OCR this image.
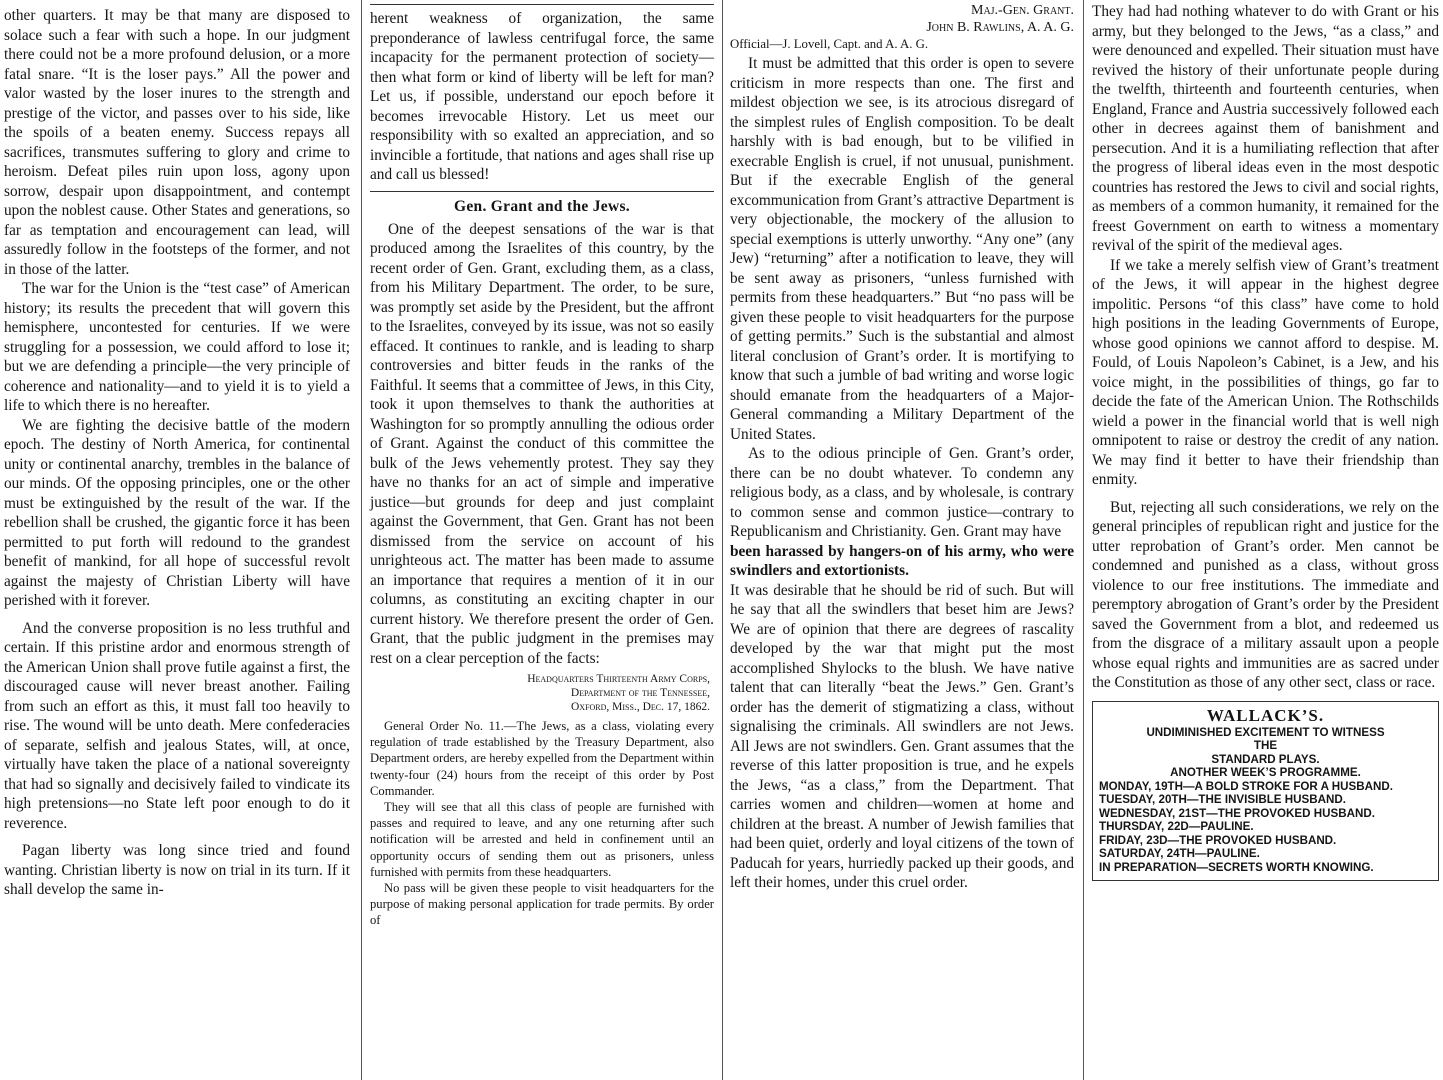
other quarters. It may be that many are disposed to solace such a fear with such a hope. In our judgment there could not be a more profound delusion, or a more fatal snare. “It is the loser pays.” All the power and valor wasted by the loser inures to the strength and prestige of the victor, and passes over to his side, like the spoils of a beaten enemy. Success repays all sacrifices, transmutes suffering to glory and crime to heroism. Defeat piles ruin upon loss, agony upon sorrow, despair upon disappointment, and contempt upon the noblest cause. Other States and generations, so far as temptation and encouragement can lead, will assuredly follow in the footsteps of the former, and not in those of the latter.

The war for the Union is the “test case” of American history; its results the precedent that will govern this hemisphere, uncontested for centuries. If we were struggling for a possession, we could afford to lose it; but we are defending a principle—the very principle of coherence and nationality—and to yield it is to yield a life to which there is no hereafter.

We are fighting the decisive battle of the modern epoch. The destiny of North America, for continental unity or continental anarchy, trembles in the balance of our minds. Of the opposing principles, one or the other must be extinguished by the result of the war. If the rebellion shall be crushed, the gigantic force it has been permitted to put forth will redound to the grandest benefit of mankind, for all hope of successful revolt against the majesty of Christian Liberty will have perished with it forever.

And the converse proposition is no less truthful and certain. If this pristine ardor and enormous strength of the American Union shall prove futile against a first, the discouraged cause will never breast another. Failing from such an effort as this, it must fall too heavily to rise. The wound will be unto death. Mere confederacies of separate, selfish and jealous States, will, at once, virtually have taken the place of a national sovereignty that had so signally and decisively failed to vindicate its high pretensions—no State left poor enough to do it reverence.

Pagan liberty was long since tried and found wanting. Christian liberty is now on trial in its turn. If it shall develop the same in-

herent weakness of organization, the same preponderance of lawless centrifugal force, the same incapacity for the permanent protection of society—then what form or kind of liberty will be left for man? Let us, if possible, understand our epoch before it becomes irrevocable History. Let us meet our responsibility with so exalted an appreciation, and so invincible a fortitude, that nations and ages shall rise up and call us blessed!

Gen. Grant and the Jews.

One of the deepest sensations of the war is that produced among the Israelites of this country, by the recent order of Gen. Grant, excluding them, as a class, from his Military Department. The order, to be sure, was promptly set aside by the President, but the affront to the Israelites, conveyed by its issue, was not so easily effaced. It continues to rankle, and is leading to sharp controversies and bitter feuds in the ranks of the Faithful. It seems that a committee of Jews, in this City, took it upon themselves to thank the authorities at Washington for so promptly annulling the odious order of Grant. Against the conduct of this committee the bulk of the Jews vehemently protest. They say they have no thanks for an act of simple and imperative justice—but grounds for deep and just complaint against the Government, that Gen. Grant has not been dismissed from the service on account of his unrighteous act. The matter has been made to assume an importance that requires a mention of it in our columns, as constituting an exciting chapter in our current history. We therefore present the order of Gen. Grant, that the public judgment in the premises may rest on a clear perception of the facts:

Headquarters Thirteenth Army Corps,
Department of the Tennessee,
Oxford, Miss., Dec. 17, 1862.

General Order No. 11.—The Jews, as a class, violating every regulation of trade established by the Treasury Department, also Department orders, are hereby expelled from the Department within twenty-four (24) hours from the receipt of this order by Post Commander.

They will see that all this class of people are furnished with passes and required to leave, and any one returning after such notification will be arrested and held in confinement until an opportunity occurs of sending them out as prisoners, unless furnished with permits from these headquarters.

No pass will be given these people to visit headquarters for the purpose of making personal application for trade permits. By order of

Maj.-Gen. Grant.
John B. Rawlins, A. A. G.

Official—J. Lovell, Capt. and A. A. G.

It must be admitted that this order is open to severe criticism in more respects than one. The first and mildest objection we see, is its atrocious disregard of the simplest rules of English composition. To be dealt harshly with is bad enough, but to be vilified in execrable English is cruel, if not unusual, punishment. But if the execrable English of the general excommunication from Grant’s attractive Department is very objectionable, the mockery of the allusion to special exemptions is utterly unworthy. “Any one” (any Jew) “returning” after a notification to leave, they will be sent away as prisoners, “unless furnished with permits from these headquarters.” But “no pass will be given these people to visit headquarters for the purpose of getting permits.” Such is the substantial and almost literal conclusion of Grant’s order. It is mortifying to know that such a jumble of bad writing and worse logic should emanate from the headquarters of a Major-General commanding a Military Department of the United States.

As to the odious principle of Gen. Grant’s order, there can be no doubt whatever. To condemn any religious body, as a class, and by wholesale, is contrary to common sense and common justice—contrary to Republicanism and Christianity. Gen. Grant may have

been harassed by hangers-on of his army, who were swindlers and extortionists.

It was desirable that he should be rid of such. But will he say that all the swindlers that beset him are Jews? We are of opinion that there are degrees of rascality developed by the war that might put the most accomplished Shylocks to the blush. We have native talent that can literally “beat the Jews.” Gen. Grant’s order has the demerit of stigmatizing a class, without signalising the criminals. All swindlers are not Jews. All Jews are not swindlers. Gen. Grant assumes that the reverse of this latter proposition is true, and he expels the Jews, “as a class,” from the Department. That carries women and children—women at home and children at the breast. A number of Jewish families that had been quiet, orderly and loyal citizens of the town of Paducah for years, hurriedly packed up their goods, and left their homes, under this cruel order.

They had had nothing whatever to do with Grant or his army, but they belonged to the Jews, “as a class,” and were denounced and expelled. Their situation must have revived the history of their unfortunate people during the twelfth, thirteenth and fourteenth centuries, when England, France and Austria successively followed each other in decrees against them of banishment and persecution. And it is a humiliating reflection that after the progress of liberal ideas even in the most despotic countries has restored the Jews to civil and social rights, as members of a common humanity, it remained for the freest Government on earth to witness a momentary revival of the spirit of the medieval ages.

If we take a merely selfish view of Grant’s treatment of the Jews, it will appear in the highest degree impolitic. Persons “of this class” have come to hold high positions in the leading Governments of Europe, whose good opinions we cannot afford to despise. M. Fould, of Louis Napoleon’s Cabinet, is a Jew, and his voice might, in the possibilities of things, go far to decide the fate of the American Union. The Rothschilds wield a power in the financial world that is well nigh omnipotent to raise or destroy the credit of any nation. We may find it better to have their friendship than enmity.

But, rejecting all such considerations, we rely on the general principles of republican right and justice for the utter reprobation of Grant’s order. Men cannot be condemned and punished as a class, without gross violence to our free institutions. The immediate and peremptory abrogation of Grant’s order by the President saved the Government from a blot, and redeemed us from the disgrace of a military assault upon a people whose equal rights and immunities are as sacred under the Constitution as those of any other sect, class or race.

WALLACK’S.
UNDIMINISHED EXCITEMENT TO WITNESS
THE
STANDARD PLAYS.
ANOTHER WEEK’S PROGRAMME.
MONDAY, 19TH—A BOLD STROKE FOR A HUSBAND.
TUESDAY, 20TH—THE INVISIBLE HUSBAND.
WEDNESDAY, 21ST—THE PROVOKED HUSBAND.
THURSDAY, 22D—PAULINE.
FRIDAY, 23D—THE PROVOKED HUSBAND.
SATURDAY, 24TH—PAULINE.
IN PREPARATION—SECRETS WORTH KNOWING.
